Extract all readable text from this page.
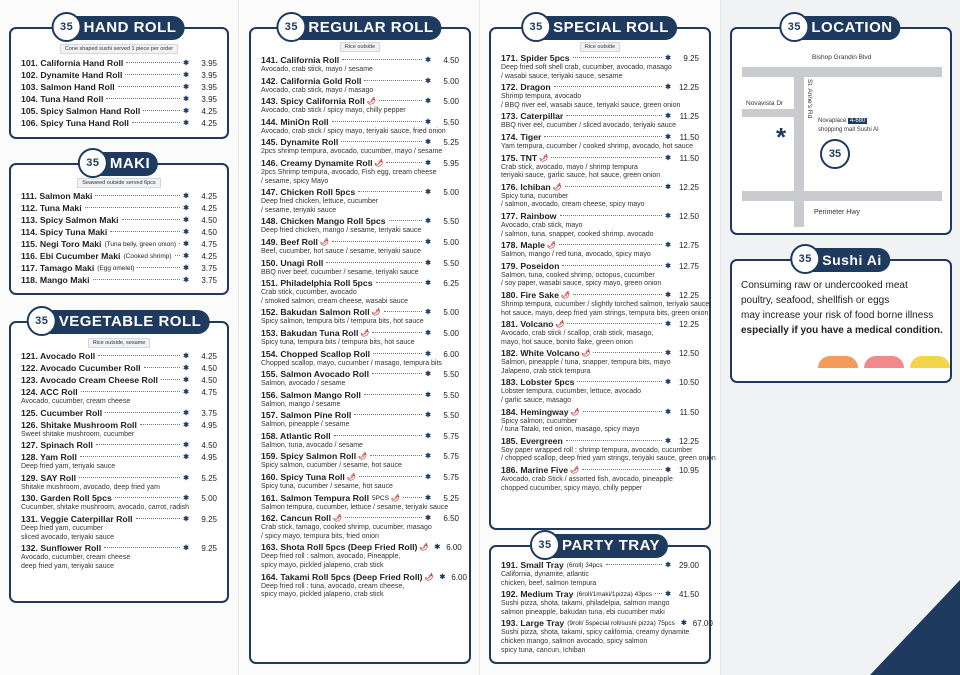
35 HAND ROLL
Cone shaped sushi served 1 piece per order
101. California Hand Roll	✱	3.95
102. Dynamite Hand Roll	✱	3.95
103. Salmon Hand Roll	✱	3.95
104. Tuna Hand Roll	✱	3.95
105. Spicy Salmon Hand Roll	✱	4.25
106. Spicy Tuna Hand Roll	✱	4.25
35 MAKI
Seaweed outside served 6pcs
111. Salmon Maki	✱	4.25
112. Tuna Maki	✱	4.25
113. Spicy Salmon Maki	✱	4.50
114. Spicy Tuna Maki	✱	4.50
115. Negi Toro Maki (Tuna belly, green onion) ✱	4.75
116. Ebi Cucumber Maki (Cooked shrimp) ✱	4.25
117. Tamago Maki (Egg omelet)	✱	3.75
118. Mango Maki	✱	3.75
35 VEGETABLE ROLL
Rice outside, sesame
121. Avocado Roll	✱	4.25
122. Avocado Cucumber Roll	✱	4.50
123. Avocado Cream Cheese Roll	✱	4.50
124. ACC Roll	✱	4.75
Avocado, cucumber, cream cheese
125. Cucumber Roll	✱	3.75
126. Shitake Mushroom Roll	✱	4.95
Sweet shitake mushroom, cucumber
127. Spinach Roll	✱	4.50
128. Yam Roll	✱	4.95
Deep fried yam, teriyaki sauce
129. SAY Roll	✱	5.25
Shitake mushroom, avocado, deep fried yam
130. Garden Roll 5pcs	✱	5.00
Cucumber, shitake mushroom, avocado, carrot, radish
131. Veggie Caterpillar Roll	✱	9.25
Deep fried yam, cucumber
sliced avocado, teriyaki sauce
132. Sunflower Roll	✱	9.25
Avocado, cucumber, cream cheese
deep fried yam, teriyaki sauce
35 REGULAR ROLL
Rice outside
141. California Roll	✱	4.50
Avocado, crab stick, mayo / sesame
142. California Gold Roll	✱	5.00
Avocado, crab stick, mayo / masago
143. Spicy California Roll 🌶	✱	5.00
Avocado, crab stick / spicy mayo, chilly pepper
144. MiniOn Roll	✱	5.50
Avocado, crab stick / spicy mayo, teriyaki sauce, fried onion
145. Dynamite Roll	✱	5.25
2pcs shrimp tempura, avocado, cucumber, mayo / sesame
146. Creamy Dynamite Roll 🌶	✱	5.95
2pcs Shrimp tempura, avocado, Fish egg, cream cheese
/ sesame, spicy Mayo
147. Chicken Roll 5pcs	✱	5.00
Deep fried chicken, lettuce, cucumber
/ sesame, teriyaki sauce
148. Chicken Mango Roll 5pcs	✱	5.50
Deep fried chicken, mango / sesame, teriyaki sauce
149. Beef Roll 🌶	✱	5.00
Beef, cucumber, hot sauce / sesame, teriyaki sauce
150. Unagi Roll	✱	5.50
BBQ river beef, cucumber / sesame, teriyaki sauce
151. Philadelphia Roll 5pcs	✱	6.25
Crab stick, cucumber, avocado
/ smoked salmon, cream cheese, wasabi sauce
152. Bakudan Salmon Roll 🌶	✱	5.00
Spicy salmon, tempura bits / tempura bits, hot sauce
153. Bakudan Tuna Roll 🌶	✱	5.00
Spicy tuna, tempura bits / tempura bits, hot sauce
154. Chopped Scallop Roll	✱	6.00
Chopped scallop, mayo, cucumber / masago, tempura bits
155. Salmon Avocado Roll	✱	5.50
Salmon, avocado / sesame
156. Salmon Mango Roll	✱	5.50
Salmon, mango / sesame
157. Salmon Pine Roll	✱	5.50
Salmon, pineapple / sesame
158. Atlantic Roll	✱	5.75
Salmon, tuna, avocado / sesame
159. Spicy Salmon Roll 🌶	✱	5.75
Spicy salmon, cucumber / sesame, hot sauce
160. Spicy Tuna Roll 🌶	✱	5.75
Spicy tuna, cucumber / sesame, hot sauce
161. Salmon Tempura Roll 5PCS 🌶	✱	5.25
Salmon tempura, cucumber, lettuce / sesame, teriyaki sauce
162. Cancun Roll 🌶	✱	6.50
Crab stick, tamago, cooked shrimp, cucumber, masago
/ spicy mayo, tempura bits, fried onion
163. Shota Roll 5pcs (Deep Fried Roll) 🌶 ✱ 6.00
Deep fried roll : salmon, avocado, Pineapple,
spicy mayo, pickled jalapeno, crab stick
164. Takami Roll 5pcs (Deep Fried Roll) 🌶 ✱ 6.00
Deep fried roll : tuna, avocado, cream cheese,
spicy mayo, pickled jalapeno, crab stick
35 SPECIAL ROLL
Rice outside
171. Spider 5pcs	✱	9.25
Deep fried soft shell crab, cucumber, avocado, masago
/ wasabi sauce, teriyaki sauce, sesame
172. Dragon	✱ 12.25
Shrimp tempura, avocado
/ BBQ river eel, wasabi sauce, teriyaki sauce, green onion
173. Caterpillar	✱	11.25
BBQ river eel, cucumber / sliced avocado, teriyaki sauce
174. Tiger	✱	11.50
Yam tempura, cucumber / cooked shrimp, avocado, hot sauce
175. TNT 🌶	✱	11.50
Crab stick, avocado, mayo / shrimp tempura
teriyaki sauce, garlic sauce, hot sauce, green onion
176. Ichiban 🌶	✱ 12.25
Spicy tuna, cucumber
/ salmon, avocado, cream cheese, spicy mayo
177. Rainbow	✱ 12.50
Avocado, crab stick, mayo
/ salmon, tuna, snapper, cooked shrimp, avocado
178. Maple 🌶	✱ 12.75
Salmon, mango / red tuna, avocado, spicy mayo
179. Poseidon	✱ 12.75
Salmon, tuna, cooked shrimp, octopus, cucumber
/ soy paper, wasabi sauce, spicy mayo, green onion
180. Fire Sake 🌶	✱ 12.25
Shrimp tempura, cucumber / slightly torched salmon, teriyaki sauce
hot sauce, mayo, deep fried yam strings, tempura bits, green onion
181. Volcano 🌶	✱ 12.25
Avocado, crab stick / scallop, crab stick, masago,
mayo, hot sauce, bonito flake, green onion
182. White Volcano 🌶	✱ 12.50
Salmon, pineapple / tuna, snapper, tempura bits, mayo
Jalapeno, crab stick tempura
183. Lobster 5pcs	✱ 10.50
Lobster tempura, cucumber, lettuce, avocado
/ garlic sauce, masago
184. Hemingway 🌶	✱	11.50
Spicy salmon, cucumber
/ tuna Tataki, red onion, masago, spicy mayo
185. Evergreen	✱ 12.25
Soy paper wrapped roll : shrimp tempura, avocado, cucumber
/ chopped scallop, deep fried yam strings, teriyaki sauce, green onion
186. Marine Five 🌶	✱ 10.95
Avocado, crab Stick / assorted fish, avocado, pineapple
chopped cucumber, spicy mayo, chilly pepper
35 PARTY TRAY
191. Small Tray (6roll) 34pcs	✱ 29.00
California, dynamite, atlantic
chicken, beef, salmon tempura
192. Medium Tray (6roll/1maki/1pizza) 43pcs ✱ 41.50
Sushi pizza, shota, takami, philadelpia, salmon mango
salmon pineapple, bakudan tuna, ebi cucumber maki
193. Large Tray (9roll/ 5special roll/sushi pizza) 75pcs ✱ 67.00
Sushi pizza, shota, takami, spicy california, creamy dynamite
chicken mango, salmon avocado, spicy salmon
spicy tuna, cancun, Ichiban
35 LOCATION
Bishop Grandin Blvd
Novavista Dr	St. Anne's Rd
Perimeter Hwy
*
Novaplace 4-680
shopping mall Sushi AI
35
35 Sushi Ai
Consuming raw or undercooked meat
poultry, seafood, shellfish or eggs
may increase your risk of food borne illness
especially if you have a medical condition.
